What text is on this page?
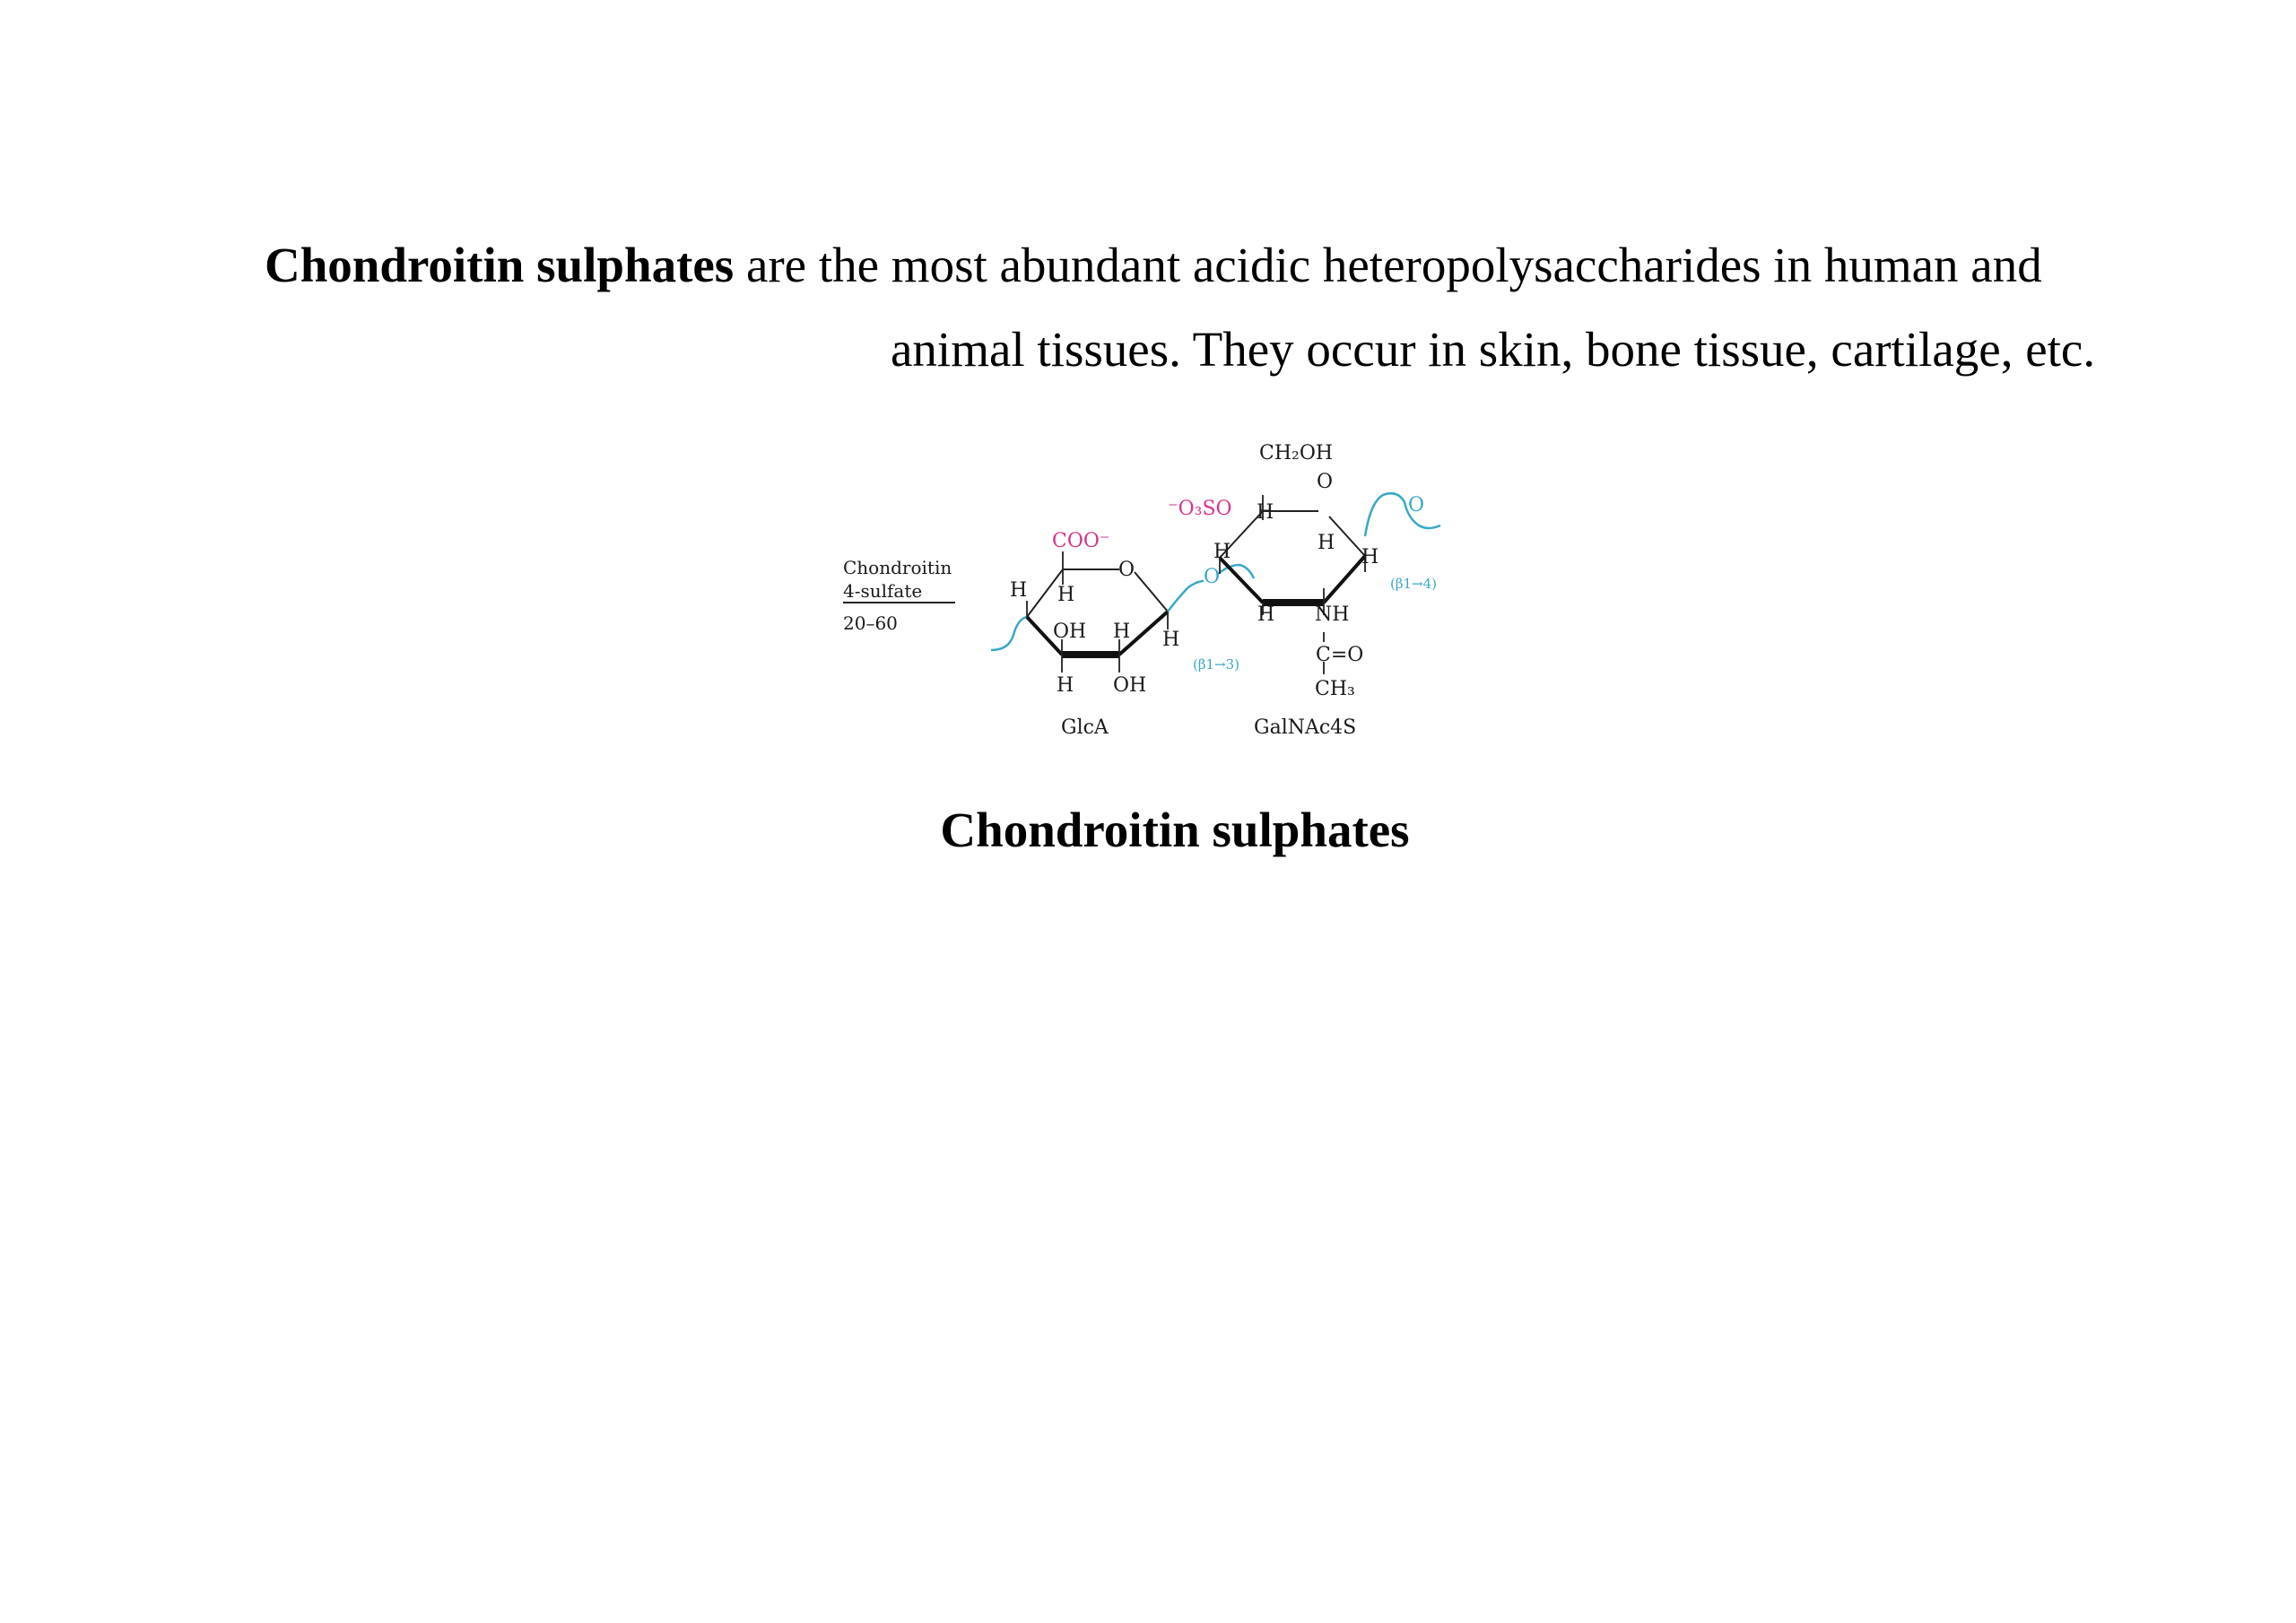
Chondroitin sulphates are the most abundant acidic heteropolysaccharides in human and
animal tissues. They occur in skin, bone tissue, cartilage, etc.
Chondroitin
4-sulfate
20–60
COO⁻
O
H H
OH H H
H OH
GlcA
O
(β1→3)
⁻O₃SO
CH₂OH
O
H
H	H
H
H NH
C=O
CH₃
GalNAc4S
O
(β1→4)
Chondroitin sulphates
